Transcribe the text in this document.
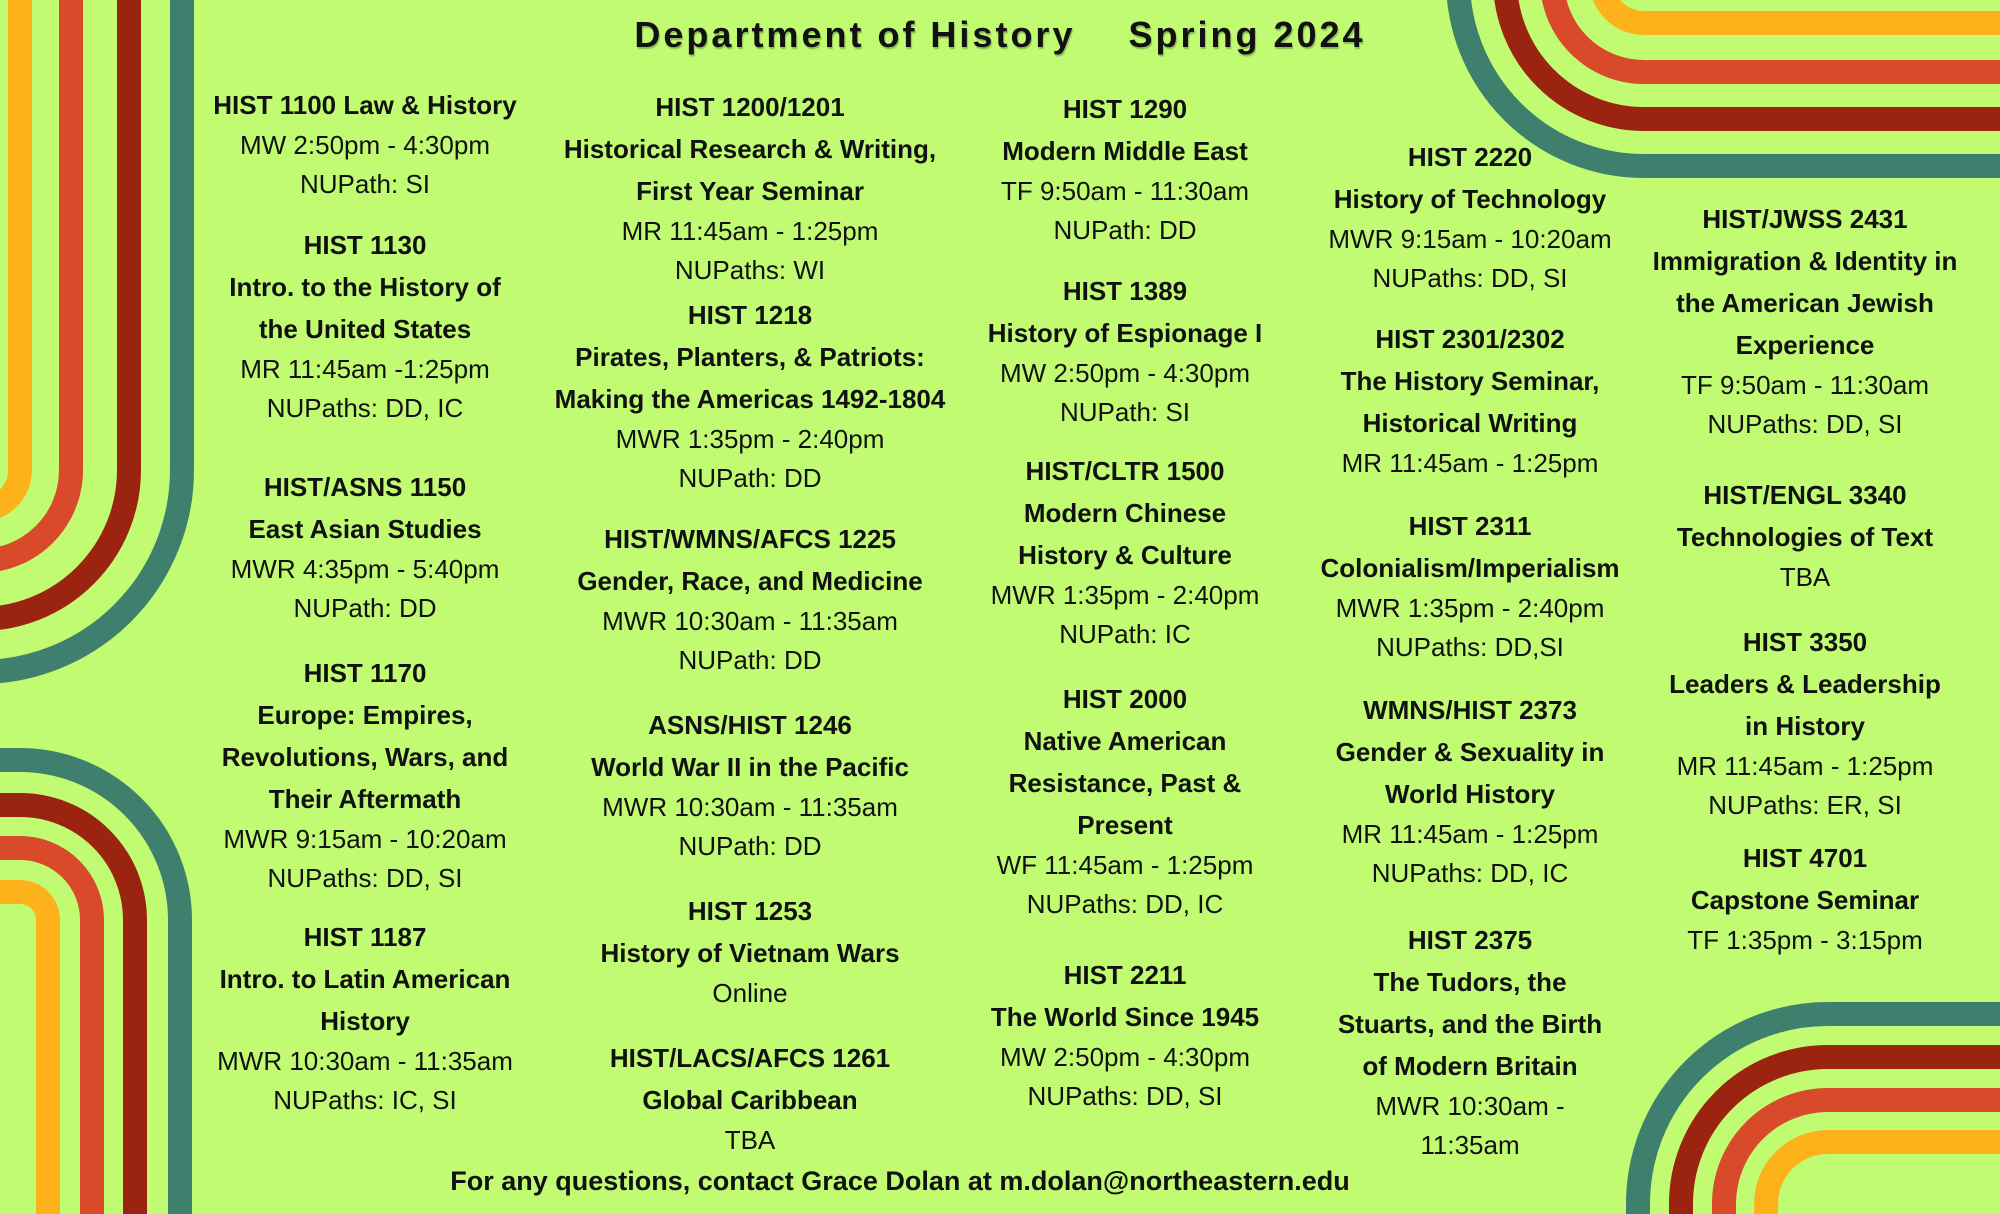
Department of History Spring 2024
HIST 1100 Law & History
MW 2:50pm - 4:30pm
NUPath: SI
HIST 1130
Intro. to the History of
the United States
MR 11:45am -1:25pm
NUPaths: DD, IC
HIST/ASNS 1150
East Asian Studies
MWR 4:35pm - 5:40pm
NUPath: DD
HIST 1170
Europe: Empires,
Revolutions, Wars, and
Their Aftermath
MWR 9:15am - 10:20am
NUPaths: DD, SI
HIST 1187
Intro. to Latin American
History
MWR 10:30am - 11:35am
NUPaths: IC, SI
HIST 1200/1201
Historical Research & Writing,
First Year Seminar
MR 11:45am - 1:25pm
NUPaths: WI
HIST 1218
Pirates, Planters, & Patriots:
Making the Americas 1492-1804
MWR 1:35pm - 2:40pm
NUPath: DD
HIST/WMNS/AFCS 1225
Gender, Race, and Medicine
MWR 10:30am - 11:35am
NUPath: DD
ASNS/HIST 1246
World War II in the Pacific
MWR 10:30am - 11:35am
NUPath: DD
HIST 1253
History of Vietnam Wars
Online
HIST/LACS/AFCS 1261
Global Caribbean
TBA
HIST 1290
Modern Middle East
TF 9:50am - 11:30am
NUPath: DD
HIST 1389
History of Espionage I
MW 2:50pm - 4:30pm
NUPath: SI
HIST/CLTR 1500
Modern Chinese
History & Culture
MWR 1:35pm - 2:40pm
NUPath: IC
HIST 2000
Native American
Resistance, Past &
Present
WF 11:45am - 1:25pm
NUPaths: DD, IC
HIST 2211
The World Since 1945
MW 2:50pm - 4:30pm
NUPaths: DD, SI
HIST 2220
History of Technology
MWR 9:15am - 10:20am
NUPaths: DD, SI
HIST 2301/2302
The History Seminar,
Historical Writing
MR 11:45am - 1:25pm
HIST 2311
Colonialism/Imperialism
MWR 1:35pm - 2:40pm
NUPaths: DD,SI
WMNS/HIST 2373
Gender & Sexuality in
World History
MR 11:45am - 1:25pm
NUPaths: DD, IC
HIST 2375
The Tudors, the
Stuarts, and the Birth
of Modern Britain
MWR 10:30am -
11:35am
HIST/JWSS 2431
Immigration & Identity in
the American Jewish
Experience
TF 9:50am - 11:30am
NUPaths: DD, SI
HIST/ENGL 3340
Technologies of Text
TBA
HIST 3350
Leaders & Leadership
in History
MR 11:45am - 1:25pm
NUPaths: ER, SI
HIST 4701
Capstone Seminar
TF 1:35pm - 3:15pm
For any questions, contact Grace Dolan at m.dolan@northeastern.edu
